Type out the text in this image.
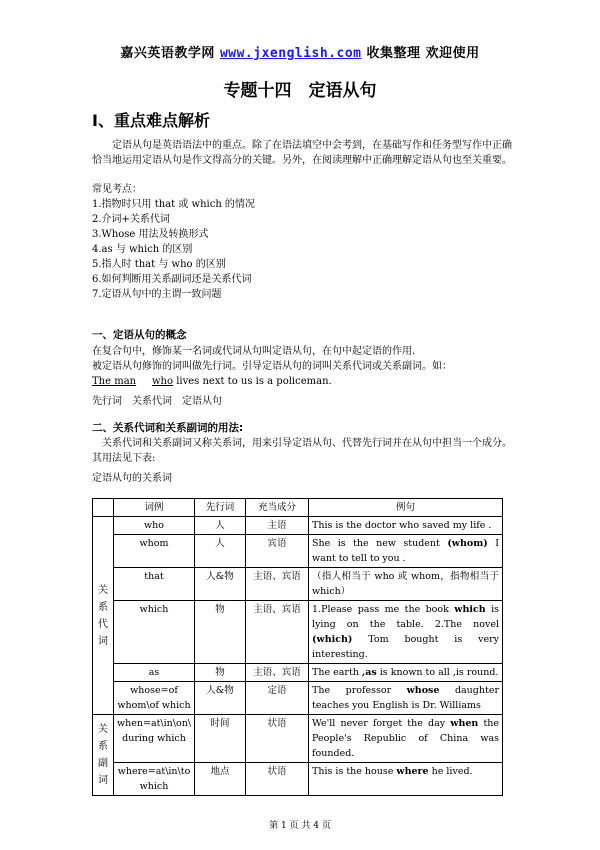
嘉兴英语教学网 www.jxenglish.com 收集整理 欢迎使用
专题十四　定语从句
I、重点难点解析
定语从句是英语语法中的重点。除了在语法填空中会考到，在基础写作和任务型写作中正确恰当地运用定语从句是作文得高分的关键。另外，在阅读理解中正确理解定语从句也至关重要。
常见考点：
1.指物时只用 that 或 which 的情况
2.介词+关系代词
3.Whose 用法及转换形式
4.as 与 which 的区别
5.指人时 that 与 who 的区别
6.如何判断用关系副词还是关系代词
7.定语从句中的主谓一致问题
一、定语从句的概念
在复合句中，修饰某一名词或代词从句叫定语从句，在句中起定语的作用.
被定语从句修饰的词叫做先行词。引导定语从句的词叫关系代词或关系副词。如：
The man who lives next to us is a policeman.
先行词　关系代词　定语从句
二、关系代词和关系副词的用法:
关系代词和关系副词又称关系词，用来引导定语从句、代替先行词并在从句中担当一个成分。其用法见下表:
定语从句的关系词
	词例	先行词	充当成分	例句

关
系
代
词	who	人	主语	This is the doctor who saved my life .
	whom	人	宾语	She is the new student (whom) I want to tell to you .
	that	人&物	主语、宾语	（指人相当于 who 或 whom，指物相当于 which）
	which	物	主语、宾语	1.Please pass me the book which is lying on the table. 2.The novel (which) Tom bought is very interesting.
	as	物	主语、宾语	The earth ,as is known to all ,is round.
	whose=of whom\of which	人&物	定语	The professor whose daughter teaches you English is Dr. Williams

关
系
副
词	when=at\in\on\ during which	时间	状语	We'll never forget the day when the People's Republic of China was founded.
	where=at\in\to which	地点	状语	This is the house where he lived.
第 1 页 共 4 页
